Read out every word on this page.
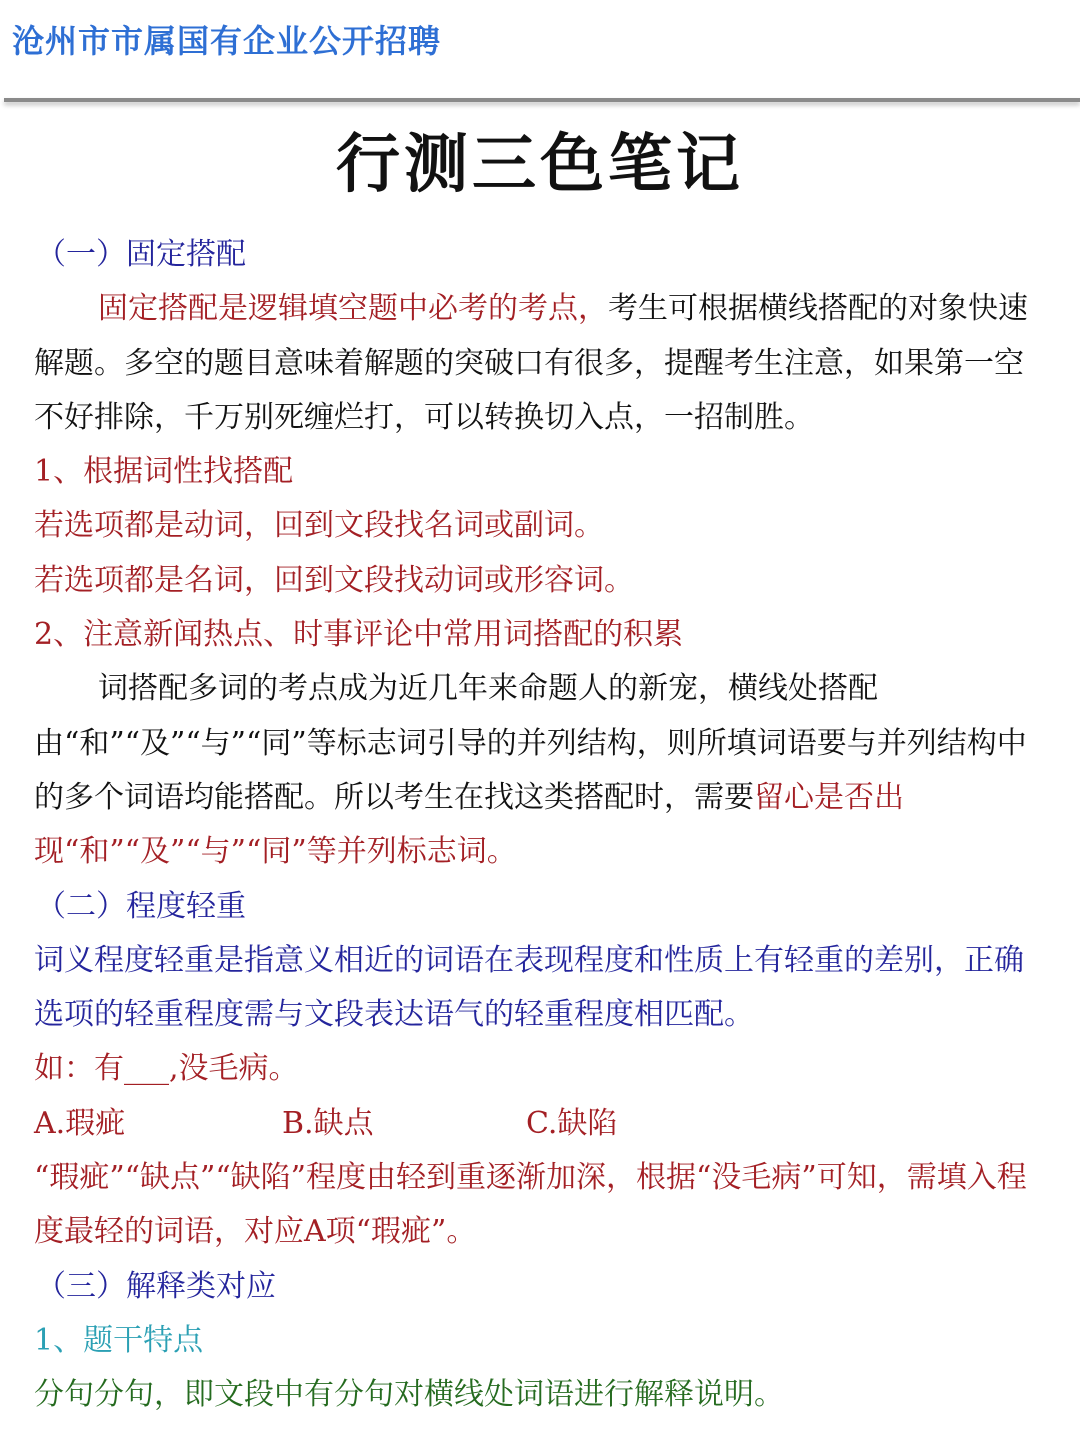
沧州市市属国有企业公开招聘
行测三色笔记

（一）固定搭配

固定搭配是逻辑填空题中必考的考点，考生可根据横线搭配的对象快速解题。多空的题目意味着解题的突破口有很多，提醒考生注意，如果第一空不好排除，千万别死缠烂打，可以转换切入点，一招制胜。

1、根据词性找搭配

若选项都是动词，回到文段找名词或副词。

若选项都是名词，回到文段找动词或形容词。

2、注意新闻热点、时事评论中常用词搭配的积累

词搭配多词的考点成为近几年来命题人的新宠，横线处搭配由“和”“及”“与”“同”等标志词引导的并列结构，则所填词语要与并列结构中的多个词语均能搭配。所以考生在找这类搭配时，需要留心是否出现“和”“及”“与”“同”等并列标志词。

（二）程度轻重

词义程度轻重是指意义相近的词语在表现程度和性质上有轻重的差别，正确选项的轻重程度需与文段表达语气的轻重程度相匹配。

如：有___,没毛病。

A.瑕疵	B.缺点	C.缺陷

“瑕疵”“缺点”“缺陷”程度由轻到重逐渐加深，根据“没毛病”可知，需填入程度最轻的词语，对应A项“瑕疵”。

（三）解释类对应

1、题干特点

分句分句，即文段中有分句对横线处词语进行解释说明。
